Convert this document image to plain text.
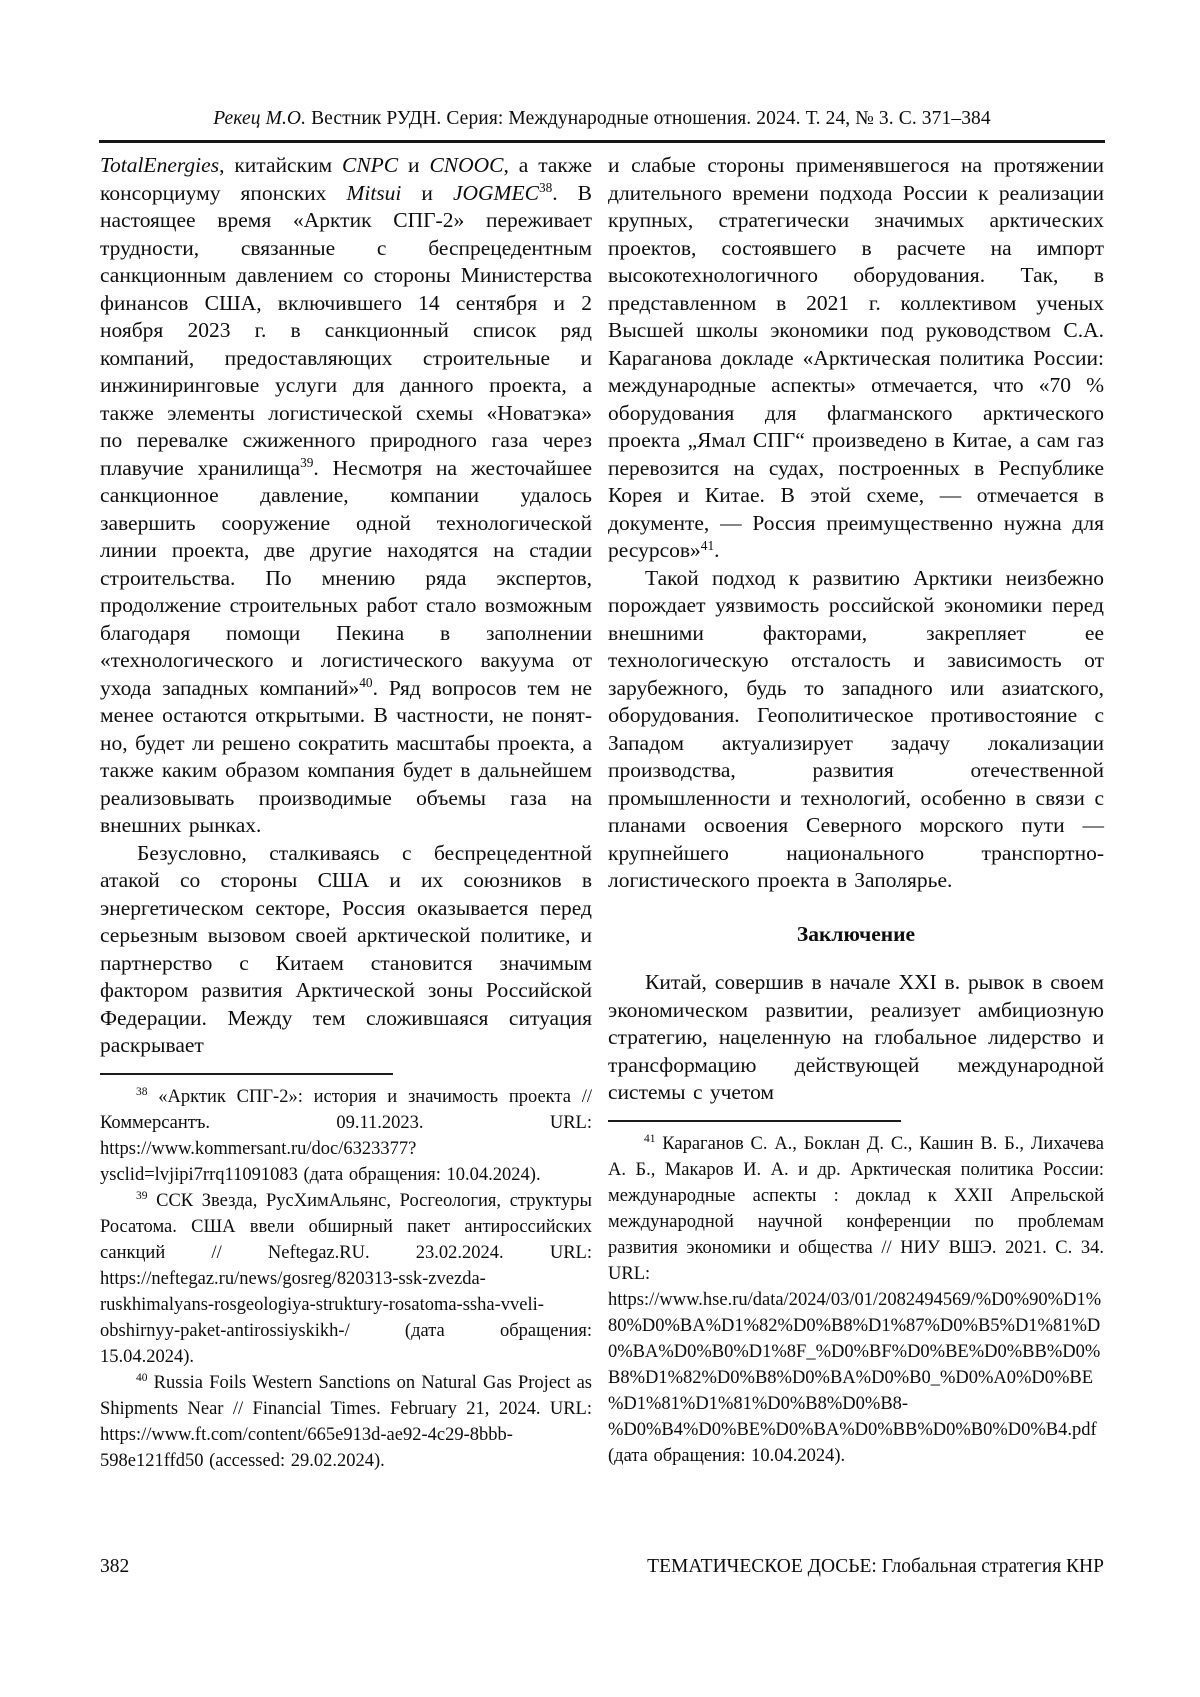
Рекец М.О. Вестник РУДН. Серия: Международные отношения. 2024. Т. 24, № 3. С. 371–384

TotalEnergies, китайским CNPC и CNOOC, а также консорциуму японских Mitsui и JOGMEC$^{38}$. В настоящее время «Арктик СПГ-2» переживает трудности, связанные с беспрецедентным санкционным давлением со стороны Министерства финансов США, включившего 14 сентября и 2 ноября 2023 г. в санкционный список ряд компаний, предоставляющих строительные и инжиниринговые услуги для данного проекта, а также элементы логистической схемы «Новатэка» по перевалке сжиженного природного газа через плавучие хранилища$^{39}$. Несмотря на жесточайшее санкционное давление, компании удалось завершить сооружение одной технологической линии проекта, две другие находятся на стадии строительства. По мнению ряда экспертов, продолжение строительных работ стало возможным благодаря помощи Пекина в заполнении «технологического и логистического вакуума от ухода западных компаний»$^{40}$. Ряд вопросов тем не менее остаются открытыми. В частности, не понятно, будет ли решено сократить масштабы проекта, а также каким образом компания будет в дальнейшем реализовывать производимые объемы газа на внешних рынках.

Безусловно, сталкиваясь с беспрецедентной атакой со стороны США и их союзников в энергетическом секторе, Россия оказывается перед серьезным вызовом своей арктической политике, и партнерство с Китаем становится значимым фактором развития Арктической зоны Российской Федерации. Между тем сложившаяся ситуация раскрывает

$^{38}$ «Арктик СПГ-2»: история и значимость проекта // Коммерсантъ. 09.11.2023. URL: https://www.kommersant.ru/doc/6323377?ysclid=lvjipi7rrq11091083 (дата обращения: 10.04.2024).

$^{39}$ ССК Звезда, РусХимАльянс, Росгеология, структуры Росатома. США ввели обширный пакет антироссийских санкций // Neftegaz.RU. 23.02.2024. URL: https://neftegaz.ru/news/gosreg/820313-ssk-zvezda-ruskhimalyans-rosgeologiya-struktury-rosatoma-ssha-vveli-obshirnyy-paket-antirossiyskikh-/ (дата обращения: 15.04.2024).

$^{40}$ Russia Foils Western Sanctions on Natural Gas Project as Shipments Near // Financial Times. February 21, 2024. URL: https://www.ft.com/content/665e913d-ae92-4c29-8bbb-598e121ffd50 (accessed: 29.02.2024).

и слабые стороны применявшегося на протяжении длительного времени подхода России к реализации крупных, стратегически значимых арктических проектов, состоявшего в расчете на импорт высокотехнологичного оборудования. Так, в представленном в 2021 г. коллективом ученых Высшей школы экономики под руководством С.А. Караганова докладе «Арктическая политика России: международные аспекты» отмечается, что «70 % оборудования для флагманского арктического проекта „Ямал СПГ“ произведено в Китае, а сам газ перевозится на судах, построенных в Республике Корея и Китае. В этой схеме, — отмечается в документе, — Россия преимущественно нужна для ресурсов»$^{41}$.

Такой подход к развитию Арктики неизбежно порождает уязвимость российской экономики перед внешними факторами, закрепляет ее технологическую отсталость и зависимость от зарубежного, будь то западного или азиатского, оборудования. Геополитическое противостояние с Западом актуализирует задачу локализации производства, развития отечественной промышленности и технологий, особенно в связи с планами освоения Северного морского пути — крупнейшего национального транспортно-логистического проекта в Заполярье.

Заключение

Китай, совершив в начале XXI в. рывок в своем экономическом развитии, реализует амбициозную стратегию, нацеленную на глобальное лидерство и трансформацию действующей международной системы с учетом

$^{41}$ Караганов С. А., Боклан Д. С., Кашин В. Б., Лихачева А. Б., Макаров И. А. и др. Арктическая политика России: международные аспекты : доклад к XXII Апрельской международной научной конференции по проблемам развития экономики и общества // НИУ ВШЭ. 2021. С. 34. URL: https://www.hse.ru/data/2024/03/01/2082494569/%D0%90%D1%80%D0%BA%D1%82%D0%B8%D1%87%D0%B5%D1%81%D0%BA%D0%B0%D1%8F_%D0%BF%D0%BE%D0%BB%D0%B8%D1%82%D0%B8%D0%BA%D0%B0_%D0%A0%D0%BE%D1%81%D1%81%D0%B8%D0%B8-%D0%B4%D0%BE%D0%BA%D0%BB%D0%B0%D0%B4.pdf (дата обращения: 10.04.2024).

382	ТЕМАТИЧЕСКОЕ ДОСЬЕ: Глобальная стратегия КНР
